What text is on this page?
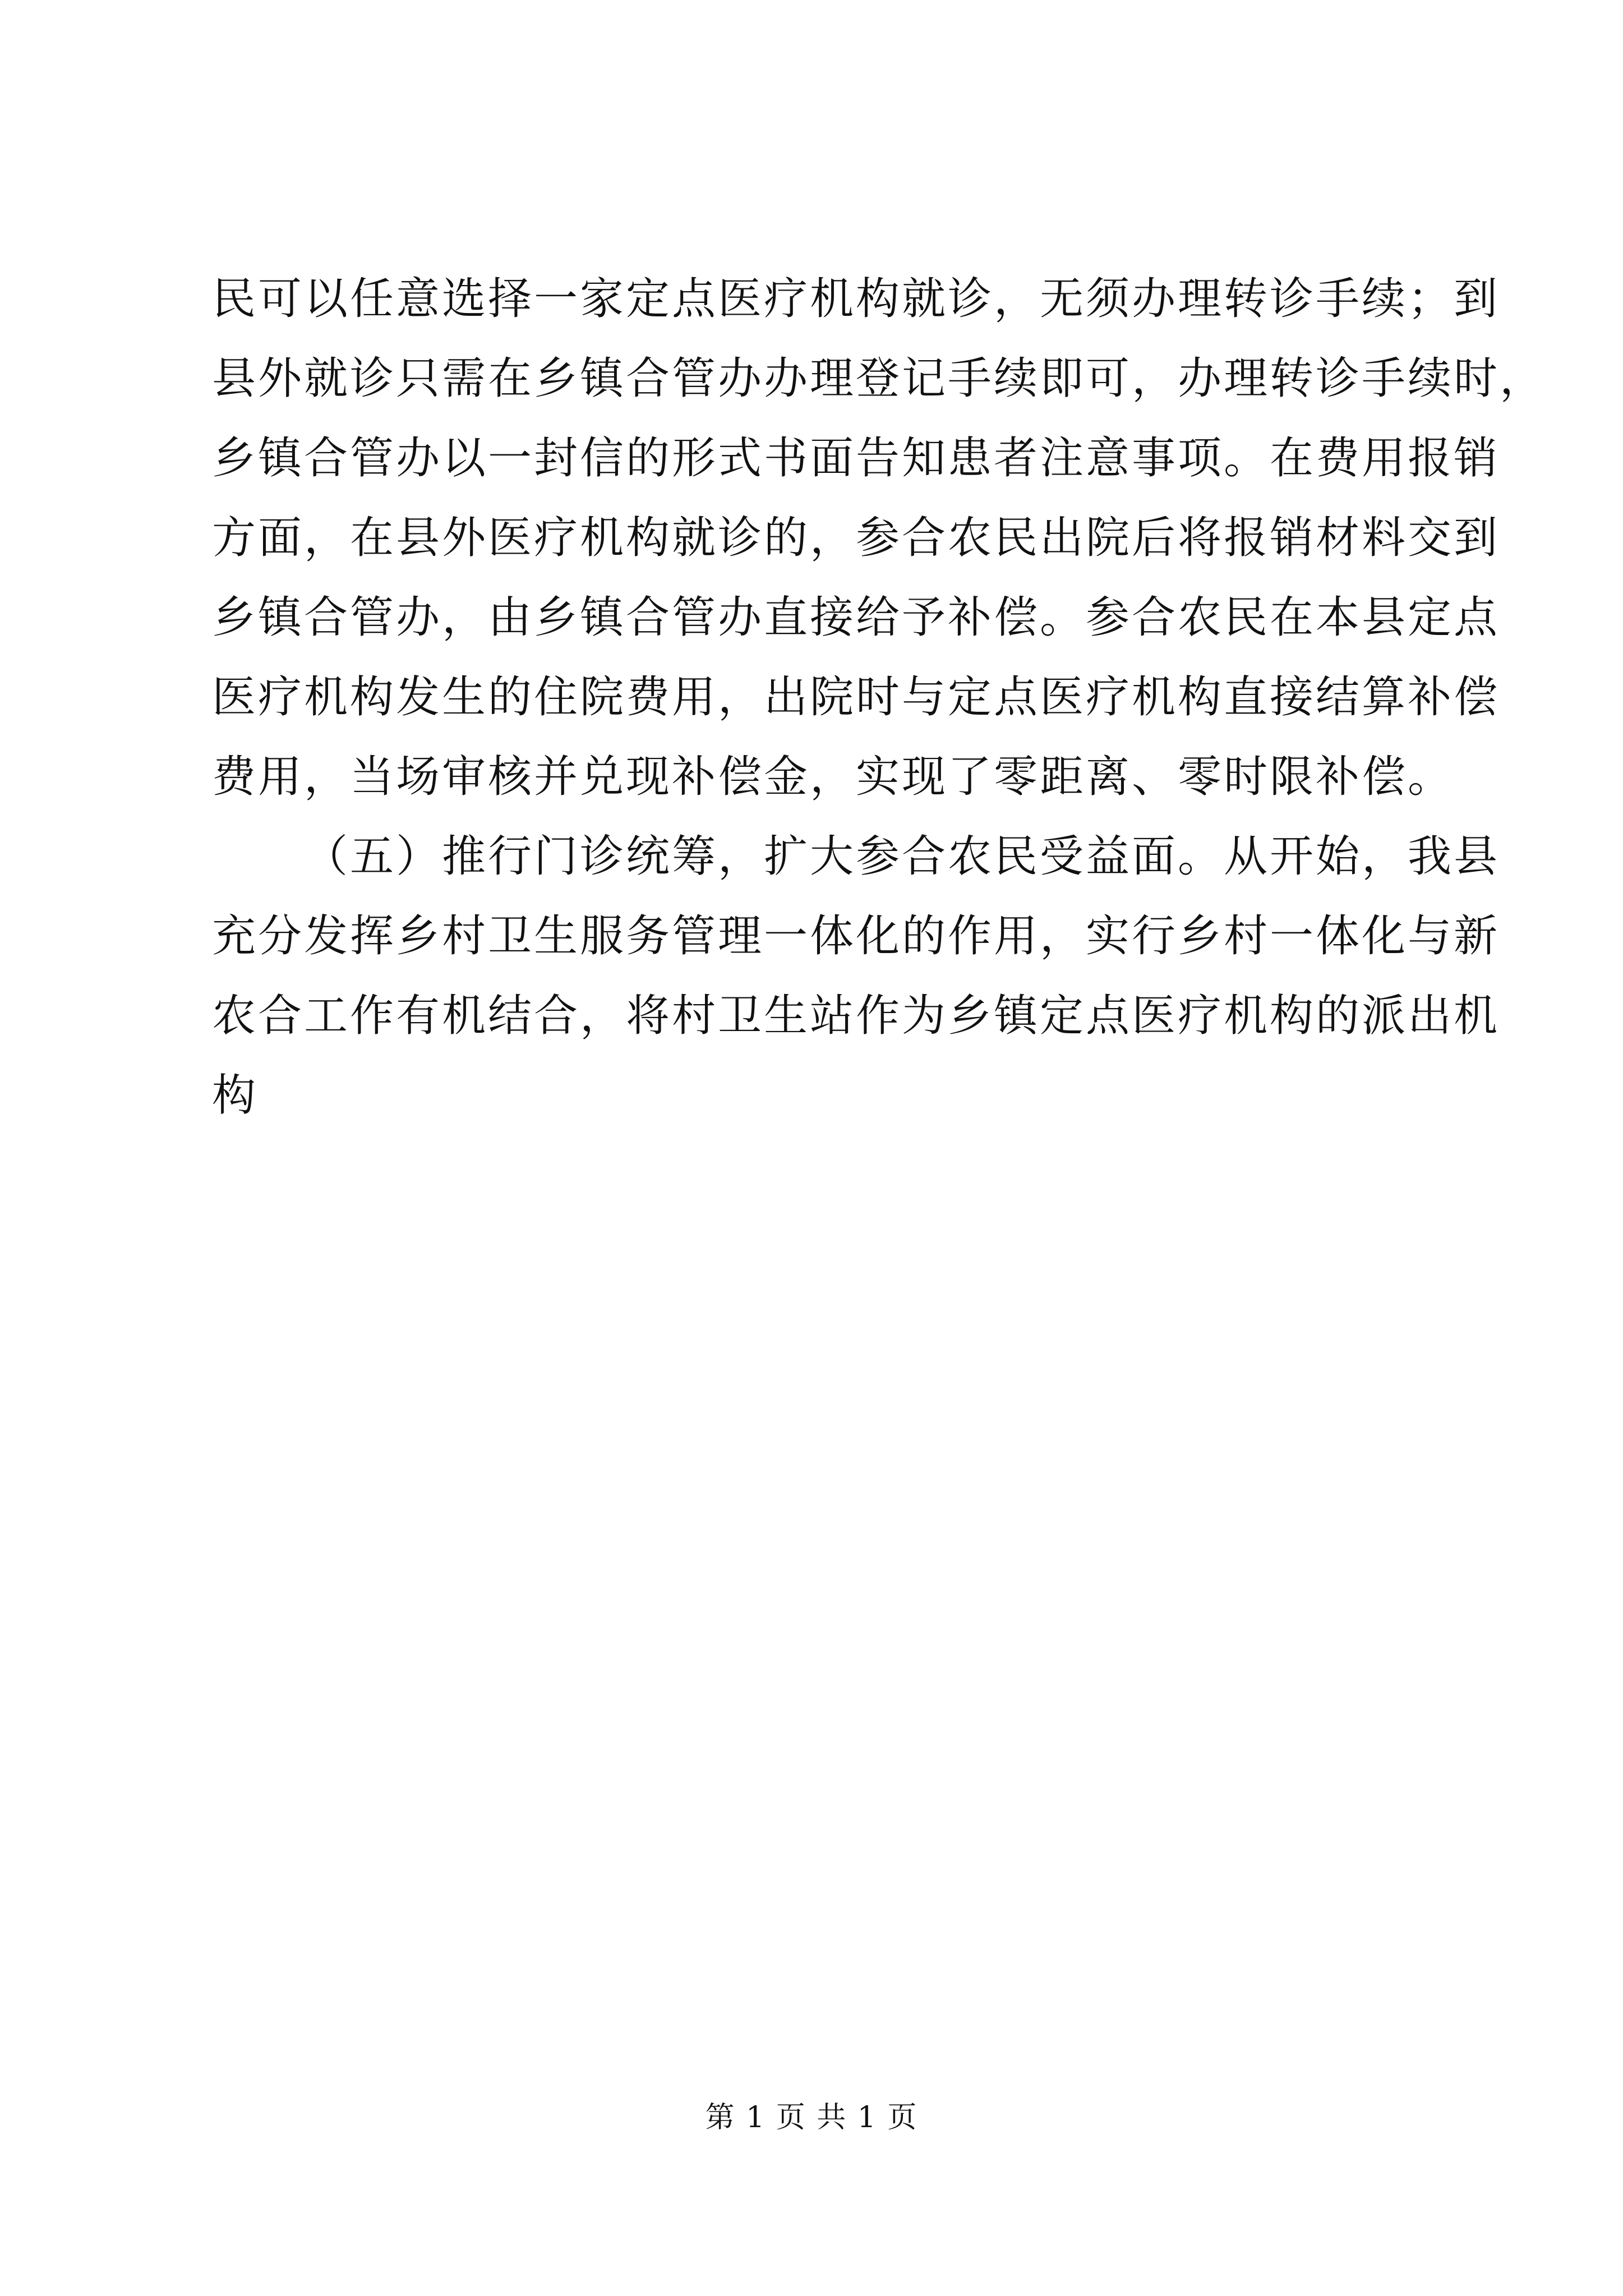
民可以任意选择一家定点医疗机构就诊，无须办理转诊手续；到
县外就诊只需在乡镇合管办办理登记手续即可，办理转诊手续时，
乡镇合管办以一封信的形式书面告知患者注意事项。在费用报销
方面，在县外医疗机构就诊的，参合农民出院后将报销材料交到
乡镇合管办，由乡镇合管办直接给予补偿。参合农民在本县定点
医疗机构发生的住院费用，出院时与定点医疗机构直接结算补偿
费用，当场审核并兑现补偿金，实现了零距离、零时限补偿。
（五）推行门诊统筹，扩大参合农民受益面。从开始，我县
充分发挥乡村卫生服务管理一体化的作用，实行乡村一体化与新
农合工作有机结合，将村卫生站作为乡镇定点医疗机构的派出机
构
第 1 页 共 1 页
